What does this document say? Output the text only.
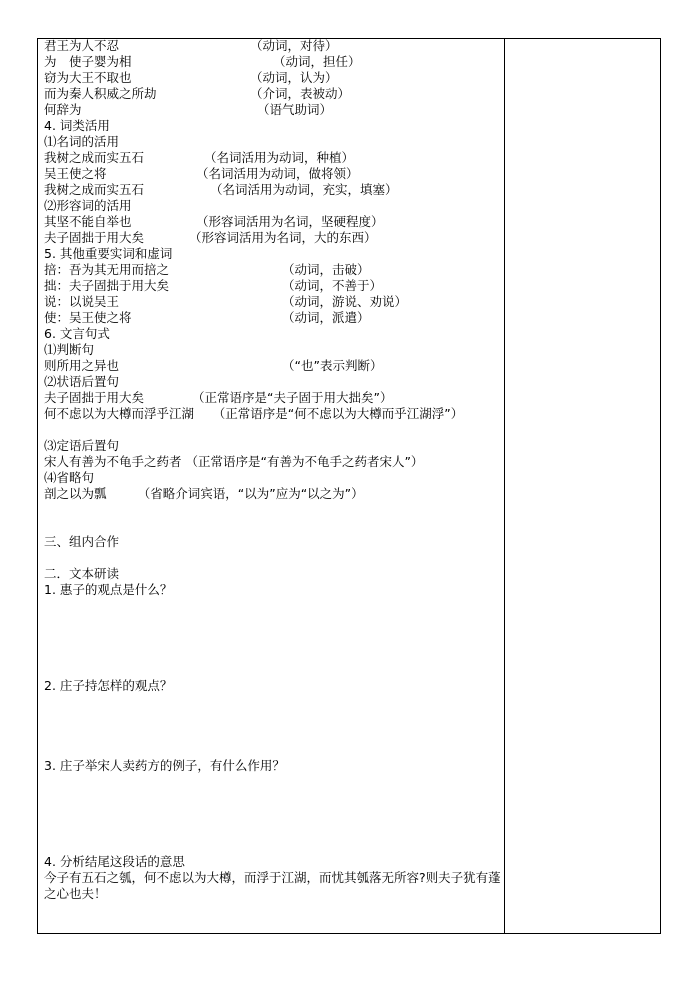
君王为人不忍	（动词，对待）
为　使子婴为相	（动词，担任）
窃为大王不取也	（动词，认为）
而为秦人积威之所劫	（介词，表被动）
何辞为	（语气助词）
4. 词类活用
⑴名词的活用
我树之成而实五石	（名词活用为动词，种植）
吴王使之将	（名词活用为动词，做将领）
我树之成而实五石	（名词活用为动词，充实，填塞）
⑵形容词的活用
其坚不能自举也	（形容词活用为名词，坚硬程度）
夫子固拙于用大矣	（形容词活用为名词，大的东西）
5. 其他重要实词和虚词
掊：吾为其无用而掊之	（动词，击破）
拙：夫子固拙于用大矣	（动词，不善于）
说：以说吴王	（动词，游说、劝说）
使：吴王使之将	（动词，派遣）
6. 文言句式
⑴判断句
则所用之异也	（“也”表示判断）
⑵状语后置句
夫子固拙于用大矣	（正常语序是“夫子固于用大拙矣”）
何不虑以为大樽而浮乎江湖　　（正常语序是“何不虑以为大樽而乎江湖浮”）
⑶定语后置句
宋人有善为不龟手之药者 （正常语序是“有善为不龟手之药者宋人”）
⑷省略句
剖之以为瓢　　　（省略介词宾语，“以为”应为“以之为”）
三、组内合作
二．文本研读
1. 惠子的观点是什么？
2. 庄子持怎样的观点？
3. 庄子举宋人卖药方的例子，有什么作用？
4. 分析结尾这段话的意思
今子有五石之瓠，何不虑以为大樽，而浮于江湖，而忧其瓠落无所容?则夫子犹有蓬之心也夫！
